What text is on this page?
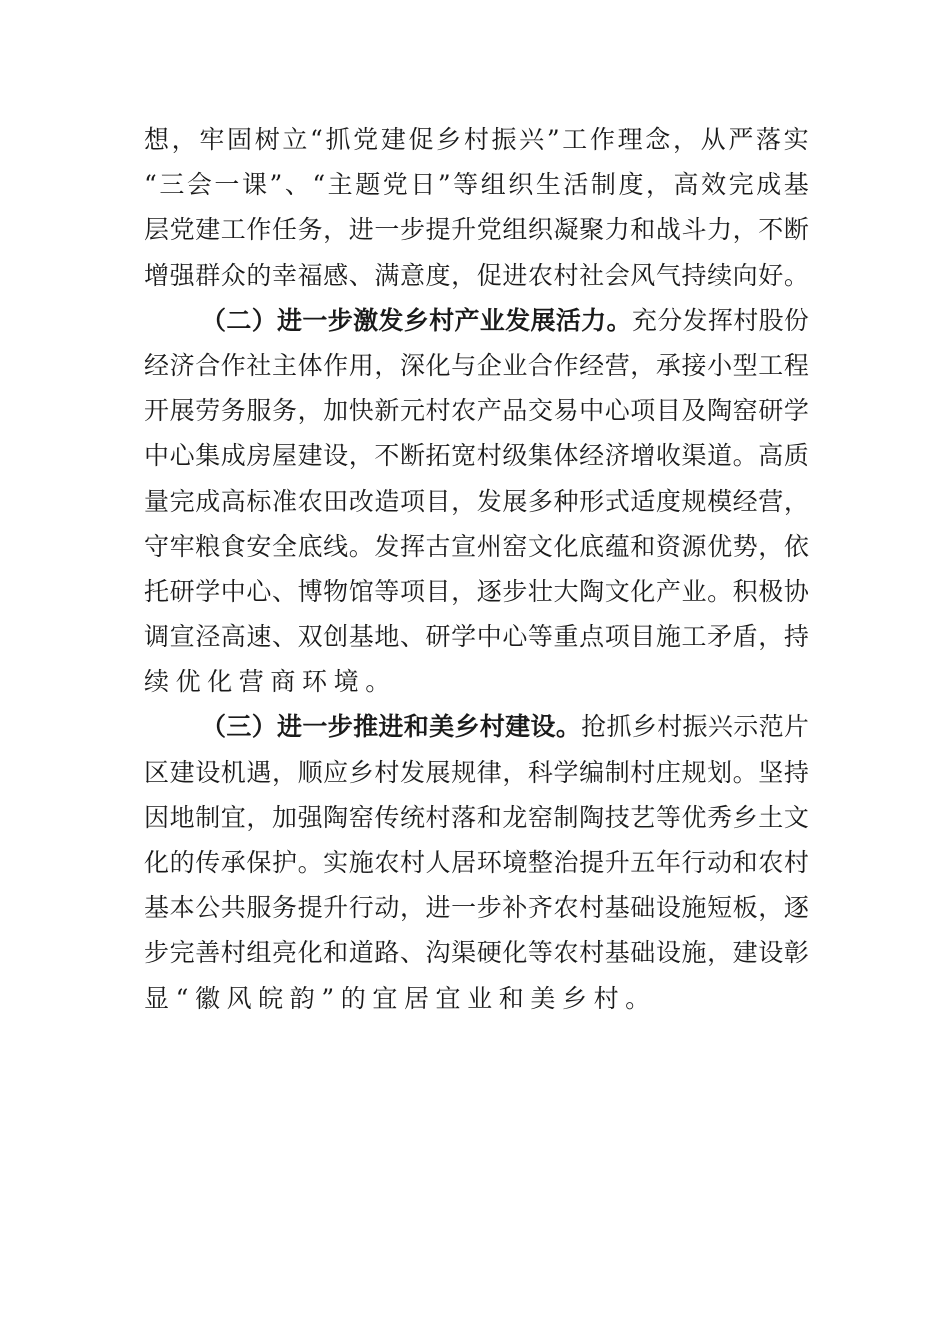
想 ， 牢 固 树 立 “ 抓 党 建 促 乡 村 振 兴 ” 工 作 理 念 ， 从 严 落 实
“ 三 会 一 课 ” 、 “ 主 题 党 日 ” 等 组 织 生 活 制 度 ， 高 效 完 成 基
层 党 建 工 作 任 务 ， 进 一 步 提 升 党 组 织 凝 聚 力 和 战 斗 力 ， 不 断
增 强 群 众 的 幸 福 感 、 满 意 度 ， 促 进 农 村 社 会 风 气 持 续 向 好 。
（ 二 ） 进 一 步 激 发 乡 村 产 业 发 展 活 力 。 充 分 发 挥 村 股 份
经 济 合 作 社 主 体 作 用 ， 深 化 与 企 业 合 作 经 营 ， 承 接 小 型 工 程
开 展 劳 务 服 务 ， 加 快 新 元 村 农 产 品 交 易 中 心 项 目 及 陶 窑 研 学
中 心 集 成 房 屋 建 设 ， 不 断 拓 宽 村 级 集 体 经 济 增 收 渠 道 。 高 质
量 完 成 高 标 准 农 田 改 造 项 目 ， 发 展 多 种 形 式 适 度 规 模 经 营 ，
守 牢 粮 食 安 全 底 线 。 发 挥 古 宣 州 窑 文 化 底 蕴 和 资 源 优 势 ， 依
托 研 学 中 心 、 博 物 馆 等 项 目 ， 逐 步 壮 大 陶 文 化 产 业 。 积 极 协
调 宣 泾 高 速 、 双 创 基 地 、 研 学 中 心 等 重 点 项 目 施 工 矛 盾 ， 持
续优化营商环境。
（ 三 ） 进 一 步 推 进 和 美 乡 村 建 设 。 抢 抓 乡 村 振 兴 示 范 片
区 建 设 机 遇 ， 顺 应 乡 村 发 展 规 律 ， 科 学 编 制 村 庄 规 划 。 坚 持
因 地 制 宜 ， 加 强 陶 窑 传 统 村 落 和 龙 窑 制 陶 技 艺 等 优 秀 乡 土 文
化 的 传 承 保 护 。 实 施 农 村 人 居 环 境 整 治 提 升 五 年 行 动 和 农 村
基 本 公 共 服 务 提 升 行 动 ， 进 一 步 补 齐 农 村 基 础 设 施 短 板 ， 逐
步 完 善 村 组 亮 化 和 道 路 、 沟 渠 硬 化 等 农 村 基 础 设 施 ， 建 设 彰
显“徽风皖韵”的宜居宜业和美乡村。
